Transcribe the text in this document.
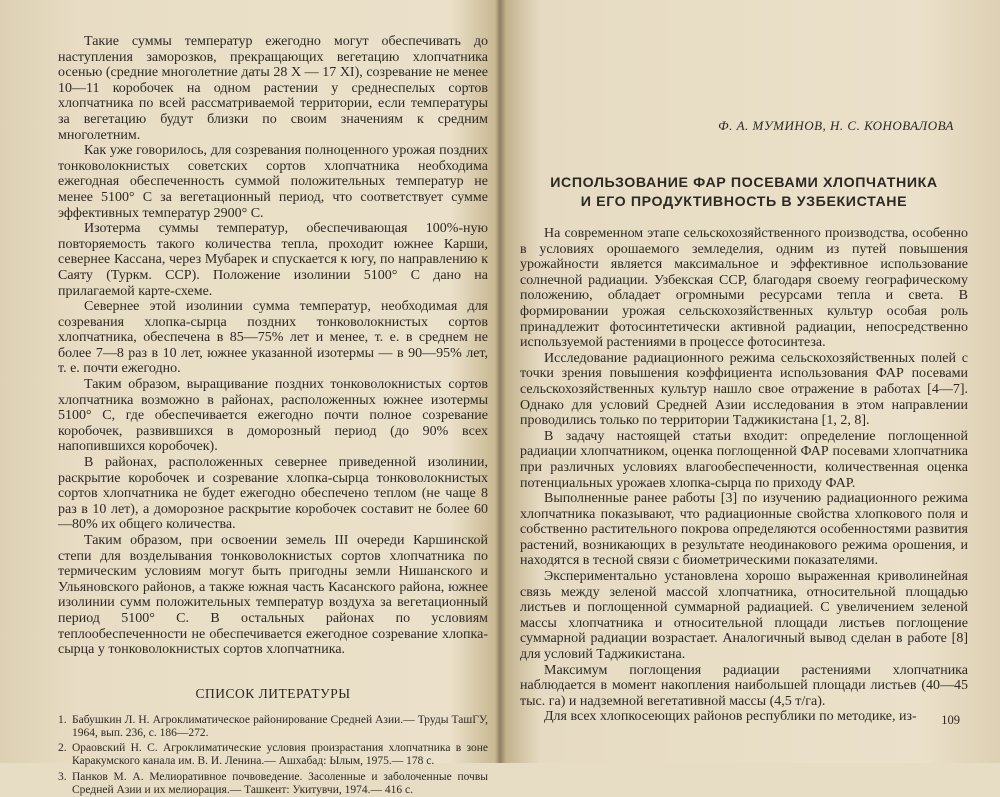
Такие суммы температур ежегодно могут обеспечивать до наступления заморозков, прекращающих вегетацию хлопчатника осенью (средние многолетние даты 28 X — 17 XI), созревание не менее 10—11 коробочек на одном растении у среднеспелых сортов хлопчатника по всей рассматриваемой территории, если температуры за вегетацию будут близки по своим значениям к средним многолетним.

Как уже говорилось, для созревания полноценного урожая поздних тонковолокнистых советских сортов хлопчатника необходима ежегодная обеспеченность суммой положительных температур не менее 5100° С за вегетационный период, что соответствует сумме эффективных температур 2900° С.

Изотерма суммы температур, обеспечивающая 100%-ную повторяемость такого количества тепла, проходит южнее Карши, севернее Кассана, через Мубарек и спускается к югу, по направлению к Саяту (Туркм. ССР). Положение изолинии 5100° С дано на прилагаемой карте-схеме.

Севернее этой изолинии сумма температур, необходимая для созревания хлопка-сырца поздних тонковолокнистых сортов хлопчатника, обеспечена в 85—75% лет и менее, т. е. в среднем не более 7—8 раз в 10 лет, южнее указанной изотермы — в 90—95% лет, т. е. почти ежегодно.

Таким образом, выращивание поздних тонковолокнистых сортов хлопчатника возможно в районах, расположенных южнее изотермы 5100° С, где обеспечивается ежегодно почти полное созревание коробочек, развившихся в доморозный период (до 90% всех напопившихся коробочек).

В районах, расположенных севернее приведенной изолинии, раскрытие коробочек и созревание хлопка-сырца тонковолокнистых сортов хлопчатника не будет ежегодно обеспечено теплом (не чаще 8 раз в 10 лет), а доморозное раскрытие коробочек составит не более 60—80% их общего количества.

Таким образом, при освоении земель III очереди Каршинской степи для возделывания тонковолокнистых сортов хлопчатника по термическим условиям могут быть пригодны земли Нишанского и Ульяновского районов, а также южная часть Касанского района, южнее изолинии сумм положительных температур воздуха за вегетационный период 5100° С. В остальных районах по условиям теплообеспеченности не обеспечивается ежегодное созревание хлопка-сырца у тонковолокнистых сортов хлопчатника.

СПИСОК ЛИТЕРАТУРЫ
1. Бабушкин Л. Н. Агроклиматическое районирование Средней Азии.— Труды ТашГУ, 1964, вып. 236, с. 186—272.
2. Ораовский Н. С. Агроклиматические условия произрастания хлопчатника в зоне Каракумского канала им. В. И. Ленина.— Ашхабад: Ылым, 1975.— 178 с.
3. Панков М. А. Мелиоративное почвоведение. Засоленные и заболоченные почвы Средней Азии и их мелиорация.— Ташкент: Укитувчи, 1974.— 416 с.
Ф. А. МУМИНОВ, Н. С. КОНОВАЛОВА
ИСПОЛЬЗОВАНИЕ ФАР ПОСЕВАМИ ХЛОПЧАТНИКА
И ЕГО ПРОДУКТИВНОСТЬ В УЗБЕКИСТАНЕ

На современном этапе сельскохозяйственного производства, особенно в условиях орошаемого земледелия, одним из путей повышения урожайности является максимальное и эффективное использование солнечной радиации. Узбекская ССР, благодаря своему географическому положению, обладает огромными ресурсами тепла и света. В формировании урожая сельскохозяйственных культур особая роль принадлежит фотосинтетически активной радиации, непосредственно используемой растениями в процессе фотосинтеза.

Исследование радиационного режима сельскохозяйственных полей с точки зрения повышения коэффициента использования ФАР посевами сельскохозяйственных культур нашло свое отражение в работах [4—7]. Однако для условий Средней Азии исследования в этом направлении проводились только по территории Таджикистана [1, 2, 8].

В задачу настоящей статьи входит: определение поглощенной радиации хлопчатником, оценка поглощенной ФАР посевами хлопчатника при различных условиях влагообеспеченности, количественная оценка потенциальных урожаев хлопка-сырца по приходу ФАР.

Выполненные ранее работы [3] по изучению радиационного режима хлопчатника показывают, что радиационные свойства хлопкового поля и собственно растительного покрова определяются особенностями развития растений, возникающих в результате неодинакового режима орошения, и находятся в тесной связи с биометрическими показателями.

Экспериментально установлена хорошо выраженная криволинейная связь между зеленой массой хлопчатника, относительной площадью листьев и поглощенной суммарной радиацией. С увеличением зеленой массы хлопчатника и относительной площади листьев поглощение суммарной радиации возрастает. Аналогичный вывод сделан в работе [8] для условий Таджикистана.

Максимум поглощения радиации растениями хлопчатника наблюдается в момент накопления наибольшей площади листьев (40—45 тыс. га) и надземной вегетативной массы (4,5 т/га).

Для всех хлопкосеющих районов республики по методике, из-	109
